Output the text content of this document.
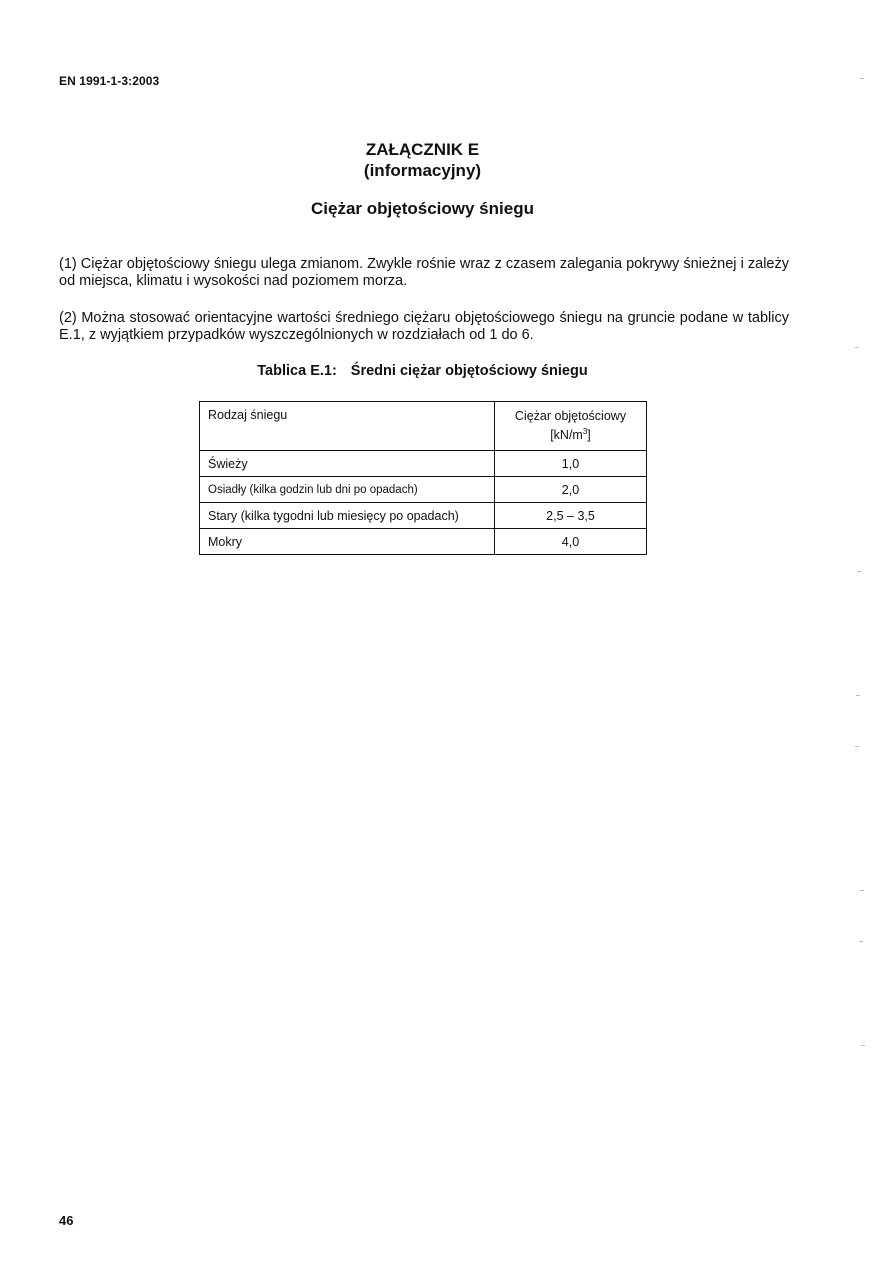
EN 1991-1-3:2003
ZAŁĄCZNIK E
(informacyjny)
Ciężar objętościowy śniegu

(1) Ciężar objętościowy śniegu ulega zmianom. Zwykle rośnie wraz z czasem zalegania pokrywy śnieżnej i zależy od miejsca, klimatu i wysokości nad poziomem morza.

(2) Można stosować orientacyjne wartości średniego ciężaru objętościowego śniegu na gruncie podane w tablicy E.1, z wyjątkiem przypadków wyszczególnionych w rozdziałach od 1 do 6.

Tablica E.1: Średni ciężar objętościowy śniegu
Rodzaj śniegu	Ciężar objętościowy
$[kN/m^3]$
Świeży	1,0
Osiadły (kilka godzin lub dni po opadach)	2,0
Stary (kilka tygodni lub miesięcy po opadach)	2,5 – 3,5
Mokry	4,0
46
